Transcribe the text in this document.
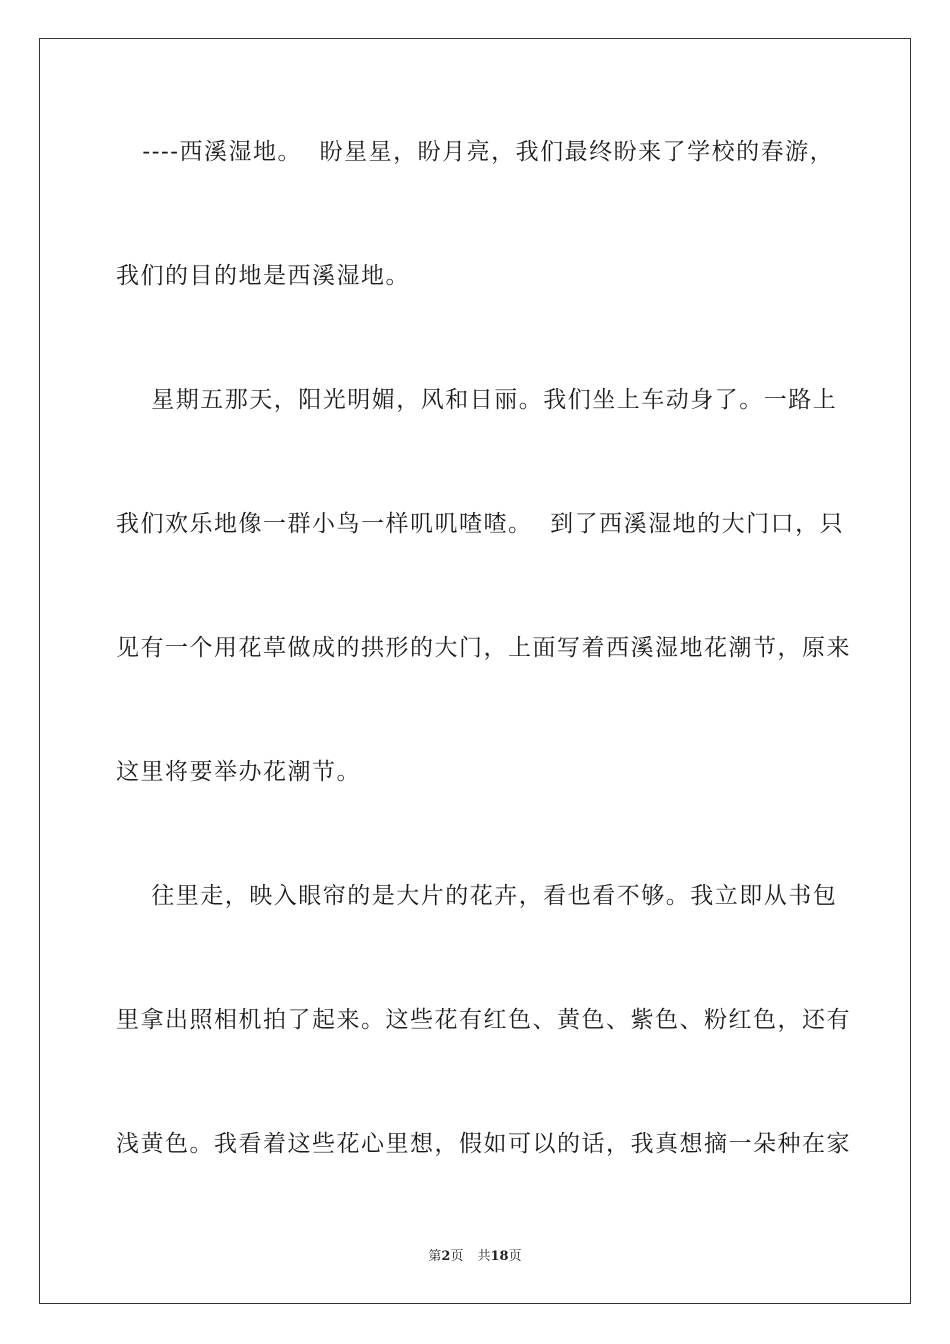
----西溪湿地。  盼星星，盼月亮，我们最终盼来了学校的春游，
我们的目的地是西溪湿地。
星期五那天，阳光明媚，风和日丽。我们坐上车动身了。一路上
我们欢乐地像一群小鸟一样叽叽喳喳。  到了西溪湿地的大门口，只
见有一个用花草做成的拱形的大门，上面写着西溪湿地花潮节，原来
这里将要举办花潮节。
往里走，映入眼帘的是大片的花卉，看也看不够。我立即从书包
里拿出照相机拍了起来。这些花有红色、黄色、紫色、粉红色，还有
浅黄色。我看着这些花心里想，假如可以的话，我真想摘一朵种在家
第2页 共18页
